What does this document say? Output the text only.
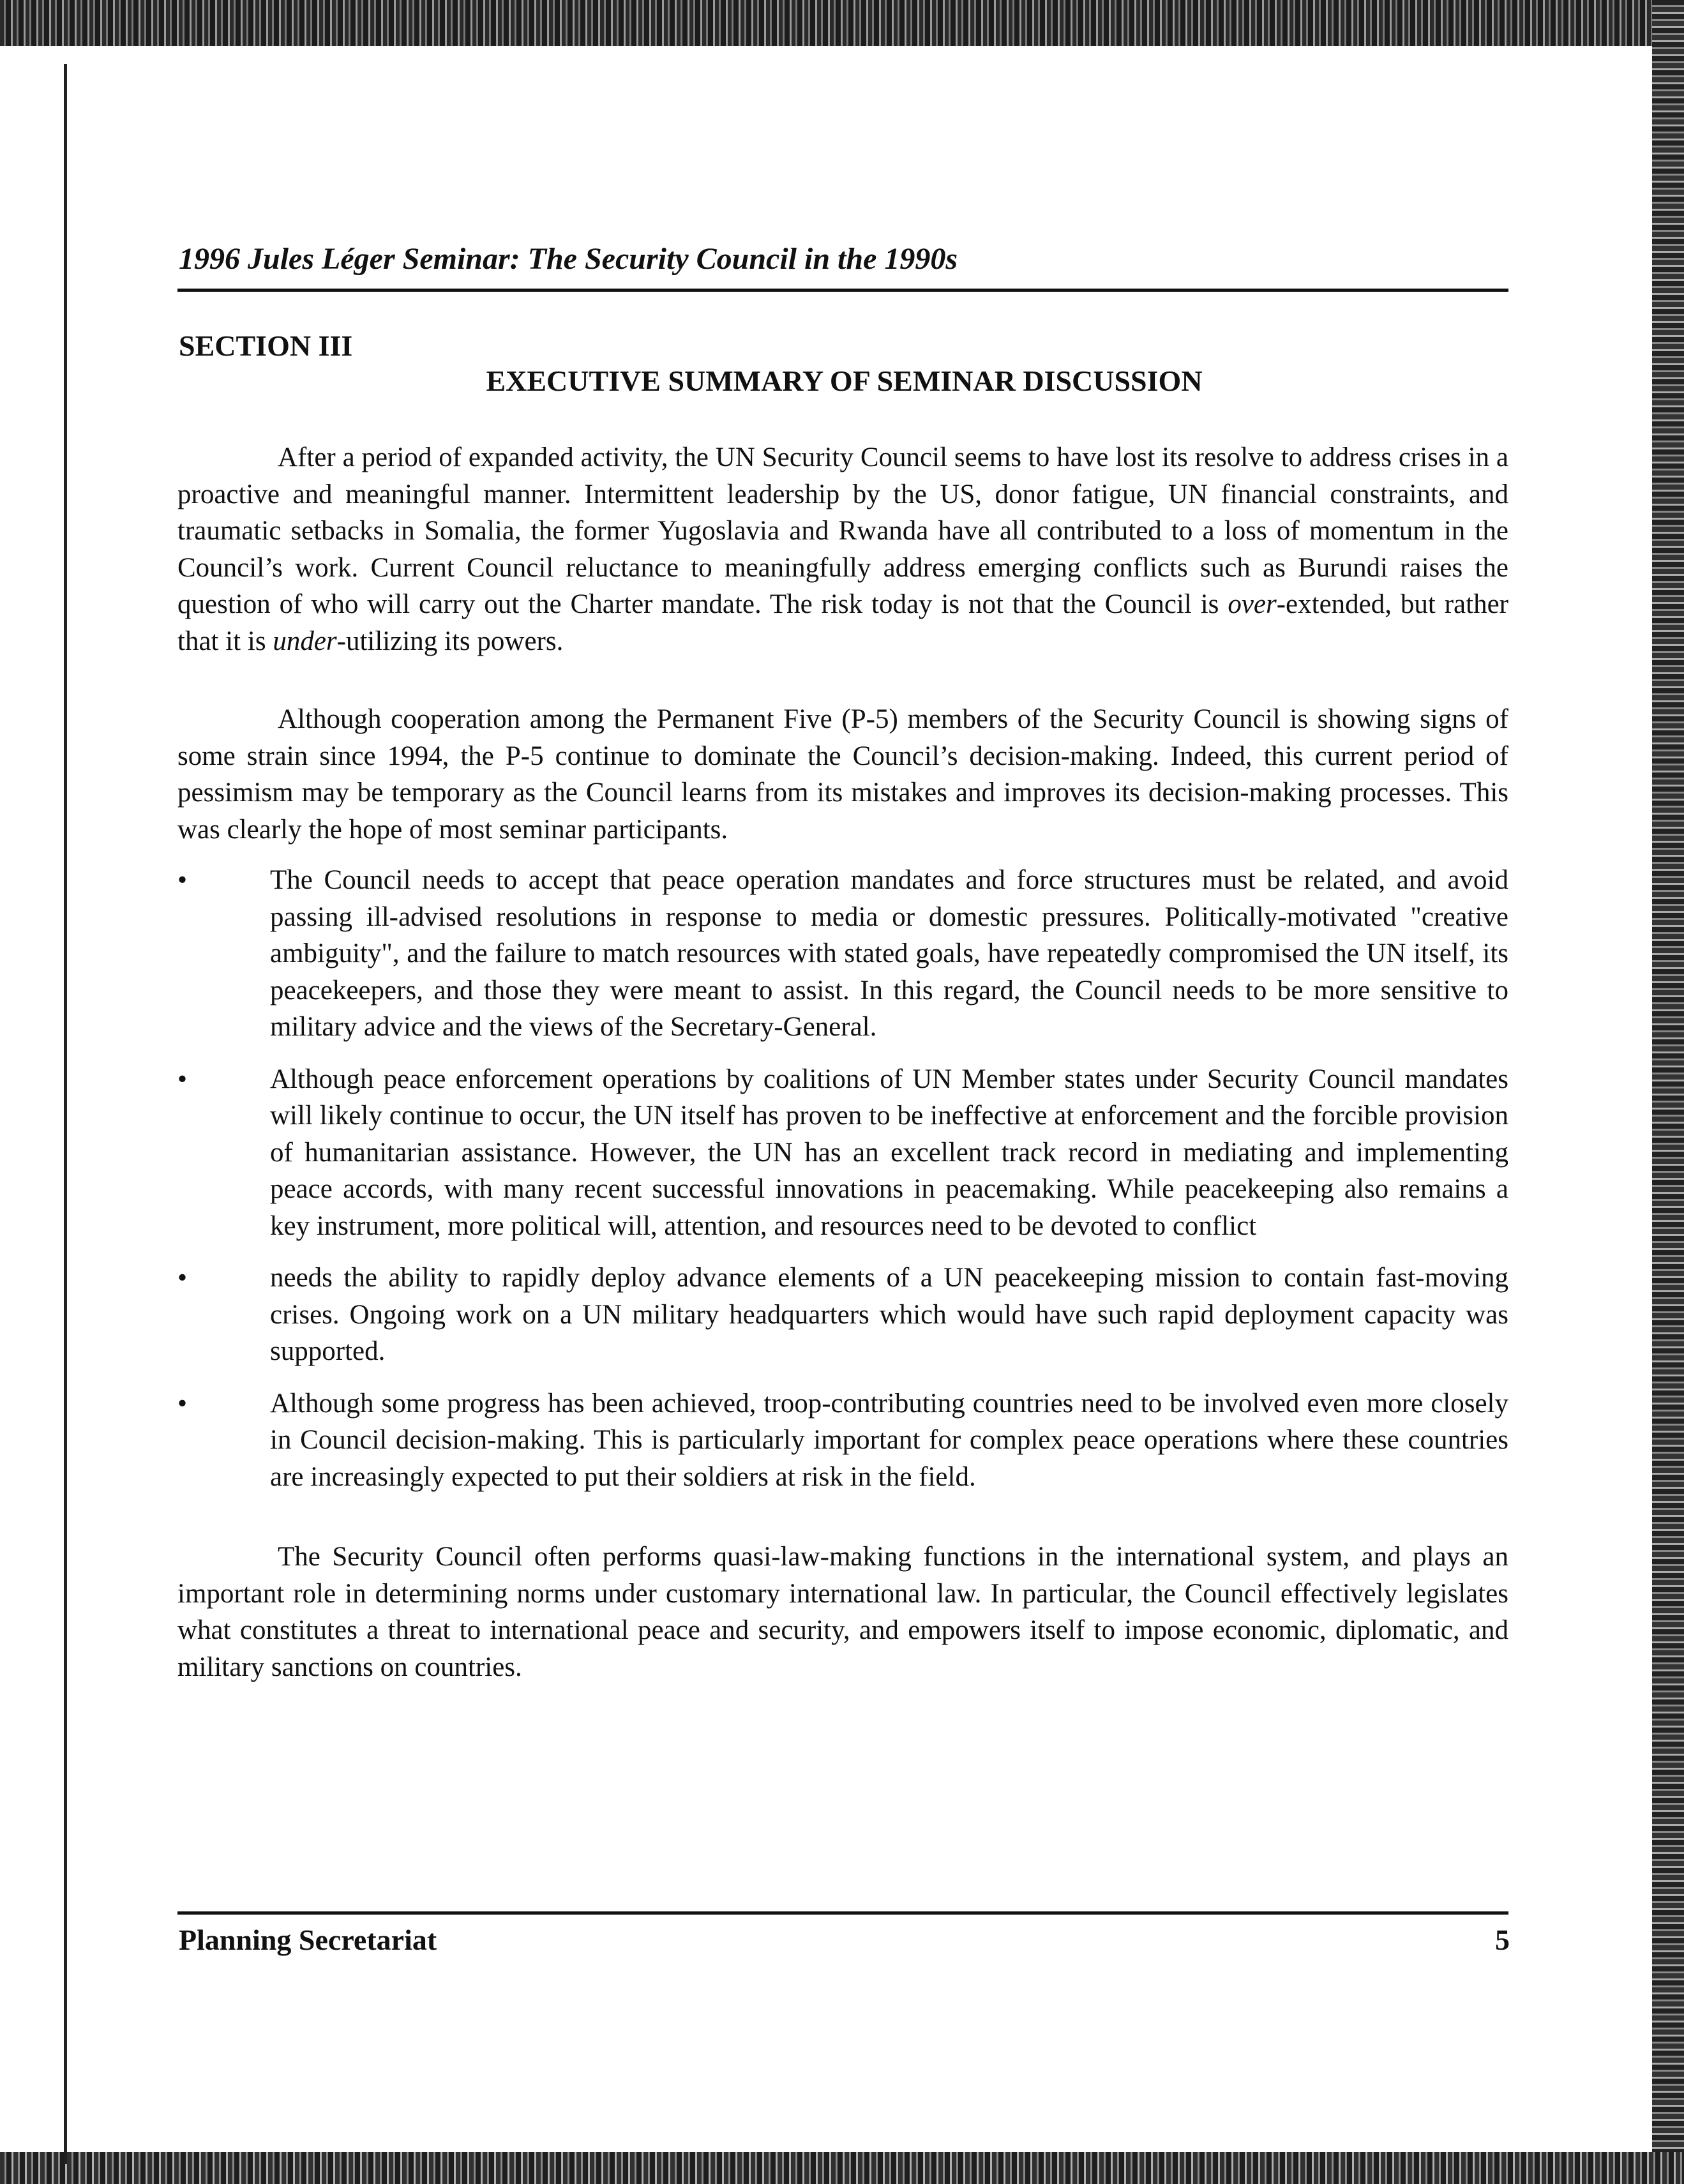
1996 Jules Léger Seminar: The Security Council in the 1990s
SECTION III
EXECUTIVE SUMMARY OF SEMINAR DISCUSSION

After a period of expanded activity, the UN Security Council seems to have lost its resolve to address crises in a proactive and meaningful manner. Intermittent leadership by the US, donor fatigue, UN financial constraints, and traumatic setbacks in Somalia, the former Yugoslavia and Rwanda have all contributed to a loss of momentum in the Council’s work. Current Council reluctance to meaningfully address emerging conflicts such as Burundi raises the question of who will carry out the Charter mandate. The risk today is not that the Council is over-extended, but rather that it is under-utilizing its powers.

Although cooperation among the Permanent Five (P-5) members of the Security Council is showing signs of some strain since 1994, the P-5 continue to dominate the Council’s decision-making. Indeed, this current period of pessimism may be temporary as the Council learns from its mistakes and improves its decision-making processes. This was clearly the hope of most seminar participants.

•	The Council needs to accept that peace operation mandates and force structures must be related, and avoid passing ill-advised resolutions in response to media or domestic pressures. Politically-motivated "creative ambiguity", and the failure to match resources with stated goals, have repeatedly compromised the UN itself, its peacekeepers, and those they were meant to assist. In this regard, the Council needs to be more sensitive to military advice and the views of the Secretary-General.
•	Although peace enforcement operations by coalitions of UN Member states under Security Council mandates will likely continue to occur, the UN itself has proven to be ineffective at enforcement and the forcible provision of humanitarian assistance. However, the UN has an excellent track record in mediating and implementing peace accords, with many recent successful innovations in peacemaking. While peacekeeping also remains a key instrument, more political will, attention, and resources need to be devoted to conflict
•	needs the ability to rapidly deploy advance elements of a UN peacekeeping mission to contain fast-moving crises. Ongoing work on a UN military headquarters which would have such rapid deployment capacity was supported.
•	Although some progress has been achieved, troop-contributing countries need to be involved even more closely in Council decision-making. This is particularly important for complex peace operations where these countries are increasingly expected to put their soldiers at risk in the field.

The Security Council often performs quasi-law-making functions in the international system, and plays an important role in determining norms under customary international law. In particular, the Council effectively legislates what constitutes a threat to international peace and security, and empowers itself to impose economic, diplomatic, and military sanctions on countries.

Planning Secretariat	5
